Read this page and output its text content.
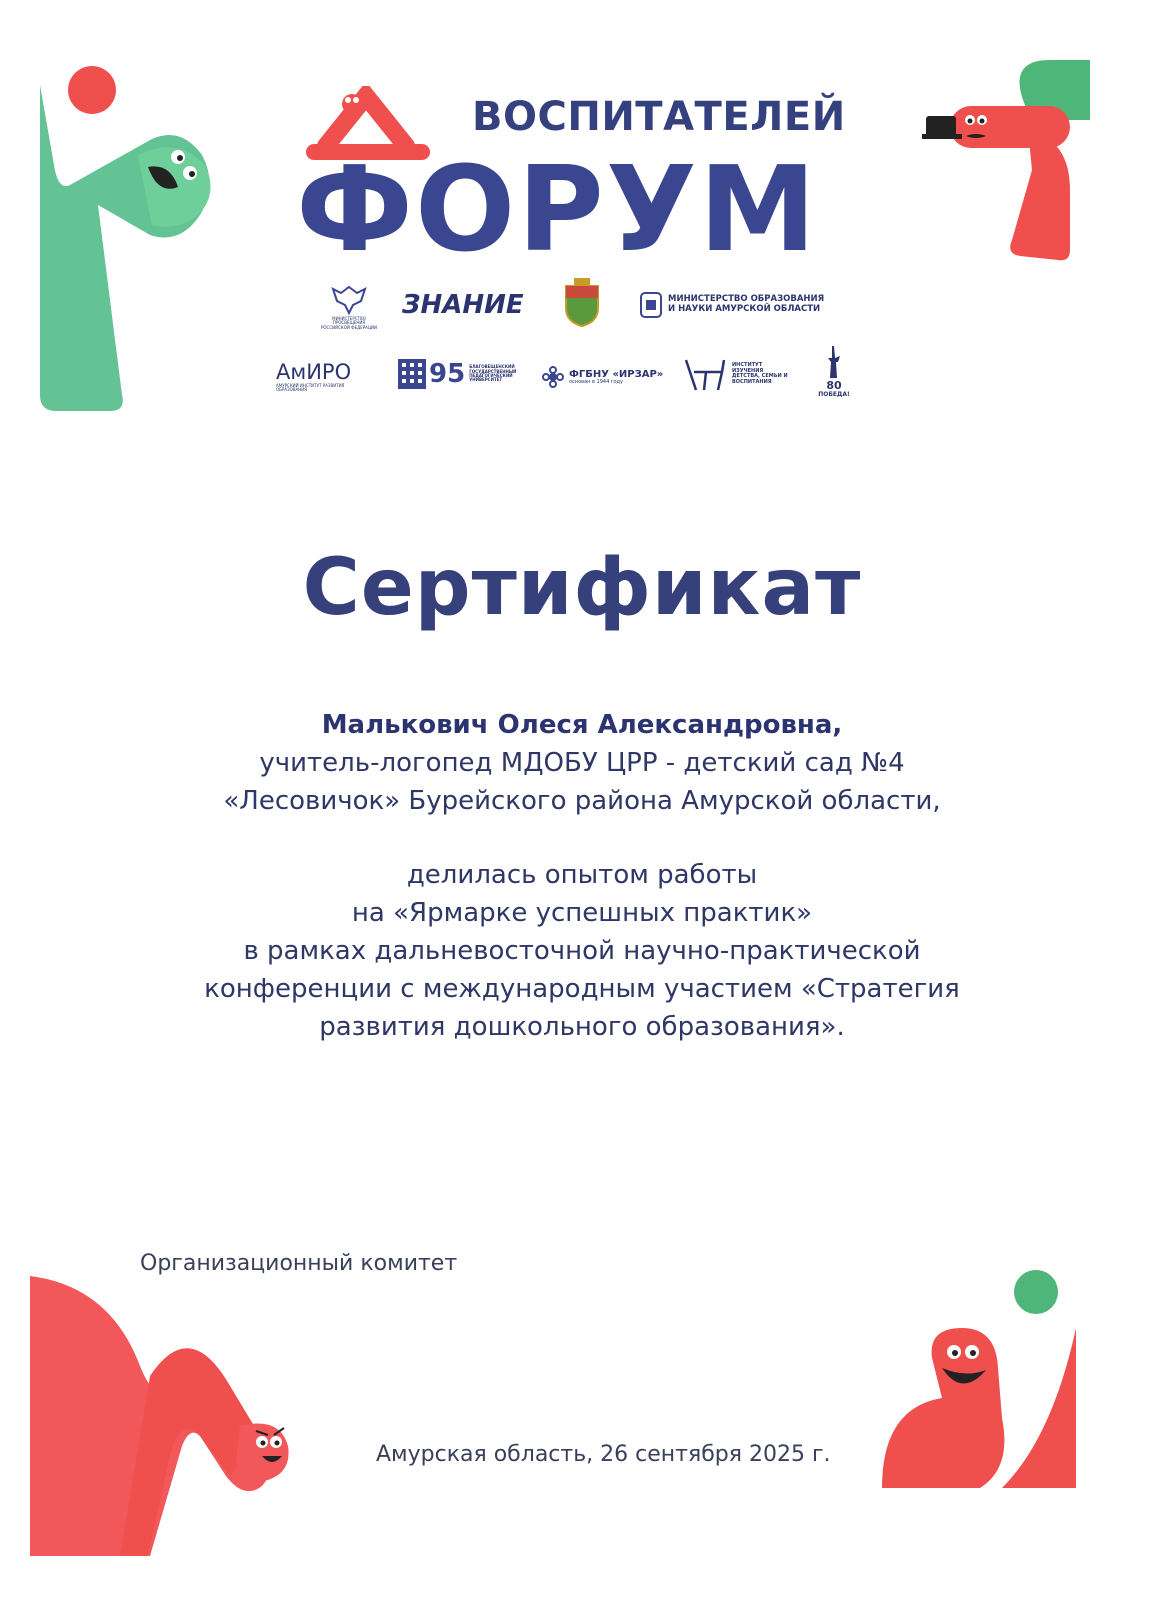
ВОСПИТАТЕЛЕЙ
ФОРУМ
МИНИСТЕРСТВО ПРОСВЕЩЕНИЯ РОССИЙСКОЙ ФЕДЕРАЦИИ
ЗНАНИЕ	МИНИСТЕРСТВО ОБРАЗОВАНИЯ
И НАУКИ АМУРСКОЙ ОБЛАСТИ
АмИРО
АМУРСКИЙ ИНСТИТУТ РАЗВИТИЯ ОБРАЗОВАНИЯ
95 БЛАГОВЕЩЕНСКИЙ ГОСУДАРСТВЕННЫЙ ПЕДАГОГИЧЕСКИЙ УНИВЕРСИТЕТ
ФГБНУ «ИРЗАР»
основан в 1944 году
ИНСТИТУТ ИЗУЧЕНИЯ ДЕТСТВА, СЕМЬИ И ВОСПИТАНИЯ	80
ПОБЕДА!
Сертификат
Малькович Олеся Александровна,
учитель-логопед МДОБУ ЦРР - детский сад №4
«Лесовичок» Бурейского района Амурской области,
делилась опытом работы
на «Ярмарке успешных практик»
в рамках дальневосточной научно-практической
конференции с международным участием «Стратегия
развития дошкольного образования».
Организационный комитет
Амурская область, 26 сентября 2025 г.
